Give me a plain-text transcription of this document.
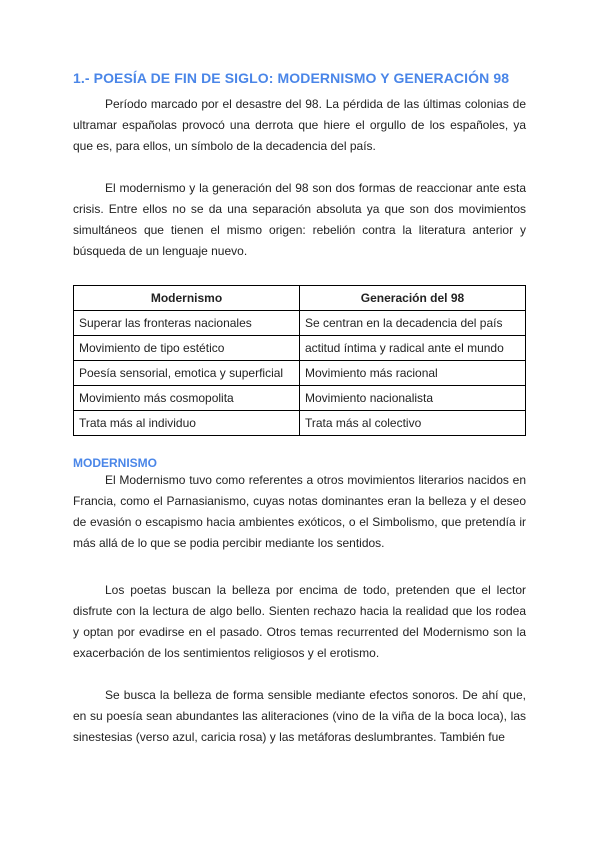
1.- POESÍA DE FIN DE SIGLO: MODERNISMO Y GENERACIÓN 98

Período marcado por el desastre del 98. La pérdida de las últimas colonias de ultramar españolas provocó una derrota que hiere el orgullo de los españoles, ya que es, para ellos, un símbolo de la decadencia del país.

El modernismo y la generación del 98 son dos formas de reaccionar ante esta crisis. Entre ellos no se da una separación absoluta ya que son dos movimientos simultáneos que tienen el mismo origen: rebelión contra la literatura anterior y búsqueda de un lenguaje nuevo.

Modernismo	Generación del 98
Superar las fronteras nacionales	Se centran en la decadencia del país
Movimiento de tipo estético	actitud íntima y radical ante el mundo
Poesía sensorial, emotica y superficial	Movimiento más racional
Movimiento más cosmopolita	Movimiento nacionalista
Trata más al individuo	Trata más al colectivo
MODERNISMO

El Modernismo tuvo como referentes a otros movimientos literarios nacidos en Francia, como el Parnasianismo, cuyas notas dominantes eran la belleza y el deseo de evasión o escapismo hacia ambientes exóticos, o el Simbolismo, que pretendía ir más allá de lo que se podia percibir mediante los sentidos.

Los poetas buscan la belleza por encima de todo, pretenden que el lector disfrute con la lectura de algo bello. Sienten rechazo hacia la realidad que los rodea y optan por evadirse en el pasado. Otros temas recurrented del Modernismo son la exacerbación de los sentimientos religiosos y el erotismo.

Se busca la belleza de forma sensible mediante efectos sonoros. De ahí que, en su poesía sean abundantes las aliteraciones (vino de la viña de la boca loca), las sinestesias (verso azul, caricia rosa) y las metáforas deslumbrantes. También fue
